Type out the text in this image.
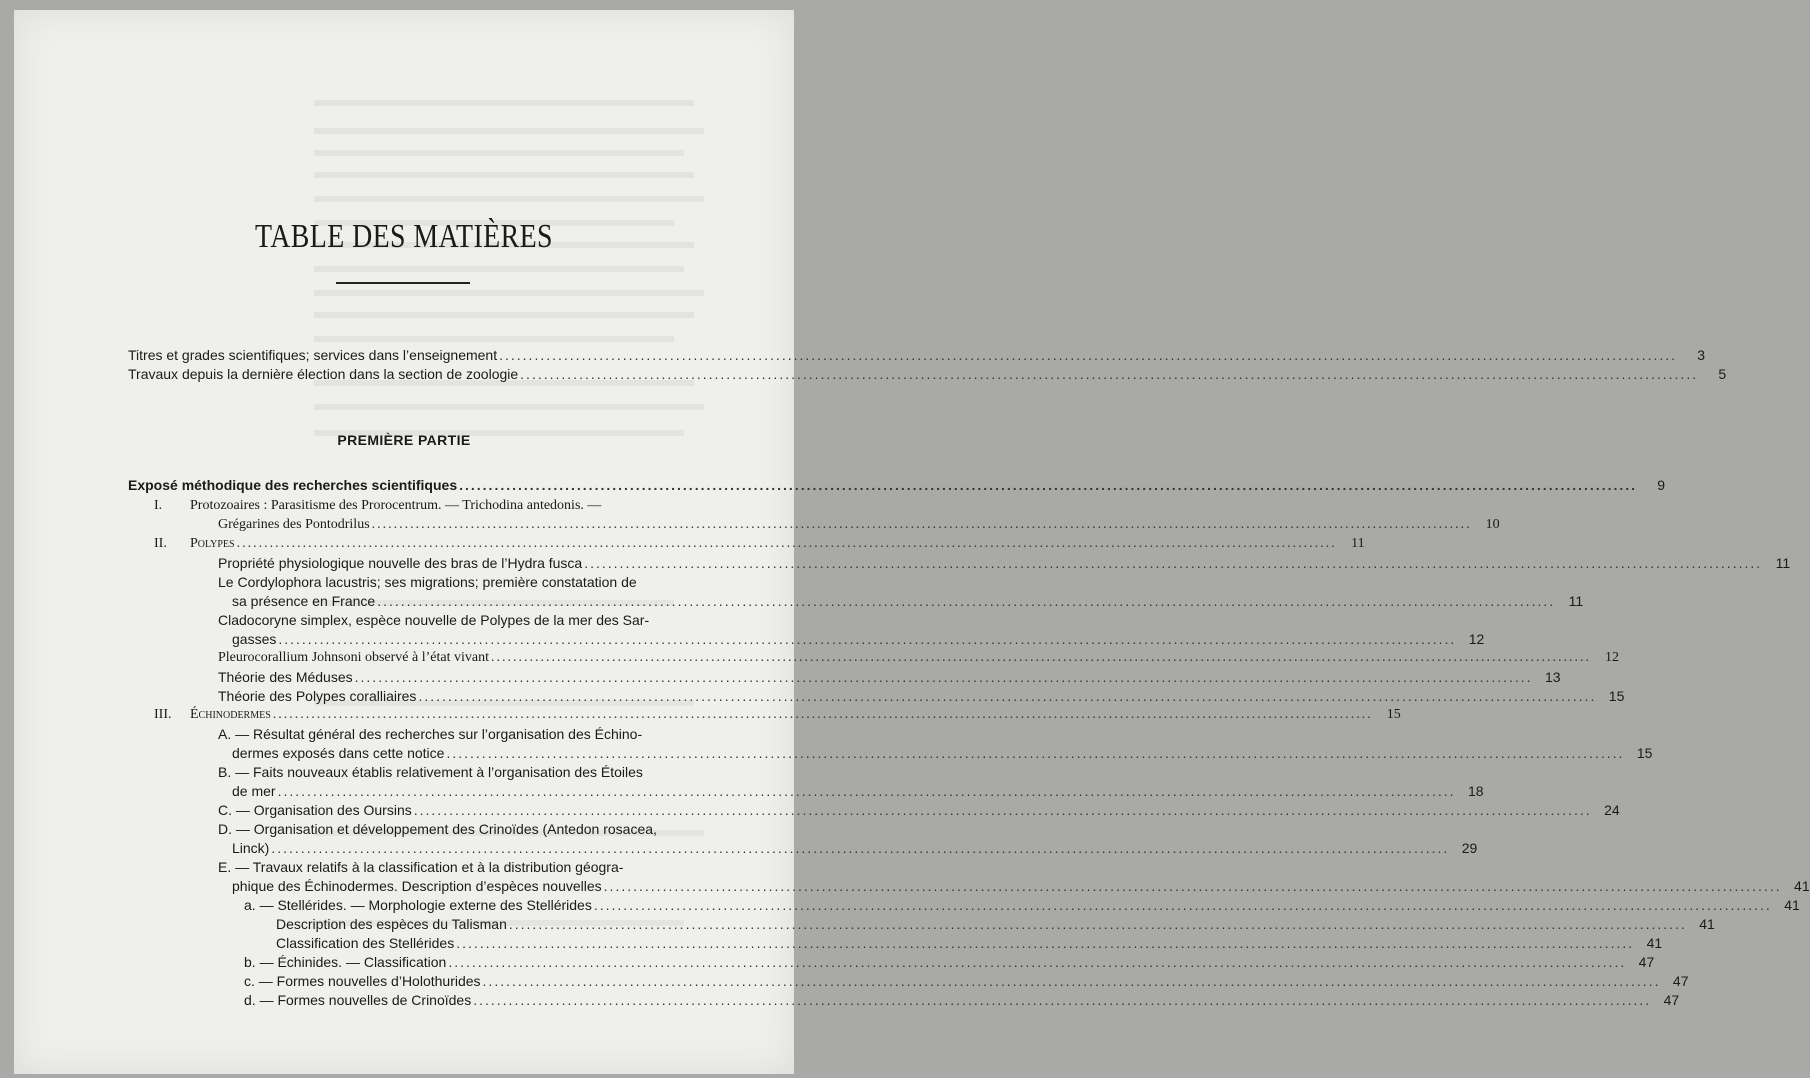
TABLE DES MATIÈRES
Titres et grades scientifiques; services dans l’enseignement .....	3
Travaux depuis la dernière élection dans la section de zoologie .....	5
PREMIÈRE PARTIE
Exposé méthodique des recherches scientifiques .....	9
I. Protozoaires : Parasitisme des Prorocentrum. — Trichodina antedonis. —
Grégarines des Pontodrilus .....	10
II. Polypes .....	11
Propriété physiologique nouvelle des bras de l’Hydra fusca .....	11
Le Cordylophora lacustris; ses migrations; première constatation de
sa présence en France .....	11
Cladocoryne simplex, espèce nouvelle de Polypes de la mer des Sar-
gasses .....	12
Pleurocorallium Johnsoni observé à l’état vivant .....	12
Théorie des Méduses .....	13
Théorie des Polypes coralliaires .....	15
III. Échinodermes .....	15
A. — Résultat général des recherches sur l’organisation des Échino-
dermes exposés dans cette notice .....	15
B. — Faits nouveaux établis relativement à l’organisation des Étoiles
de mer .....	18
C. — Organisation des Oursins .....	24
D. — Organisation et développement des Crinoïdes (Antedon rosacea,
Linck) .....	29
E. — Travaux relatifs à la classification et à la distribution géogra-
phique des Échinodermes. Description d’espèces nouvelles .....	41
a. — Stellérides. — Morphologie externe des Stellérides .....	41
Description des espèces du Talisman .....	41
Classification des Stellérides .....	41
b. — Échinides. — Classification .....	47
c. — Formes nouvelles d’Holothurides .....	47
d. — Formes nouvelles de Crinoïdes .....	47
